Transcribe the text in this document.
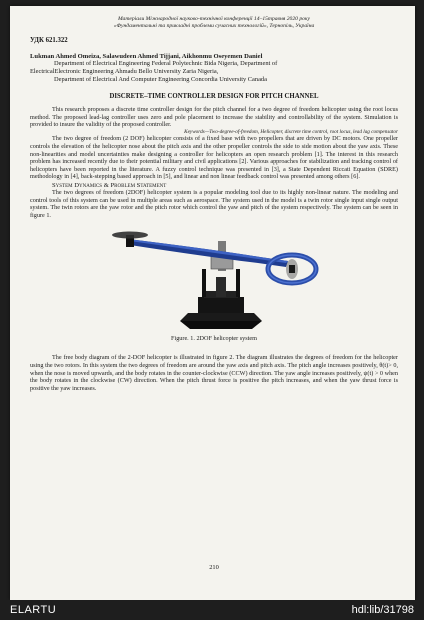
Матеріали Міжнародної науково-технічної конференції 14–15травня 2020 року
«Фундаментальні та прикладні проблеми сучасних технологій», Тернопіль, Україна
УДК 621.322
Lukman Ahmed Omeiza, Salawudeen Ahmed Tijjani, Aikhonmu Oseyemen Daniel
Department of Electrical Engineering Federal Polytechnic Bida Nigeria, Department of
ElectricalElectronic Engineering Ahmadu Bello University Zaria Nigeria,
Department of Electrical And Computer Engineering Concordia University Canada
DISCRETE–TIME CONTROLLER DESIGN FOR PITCH CHANNEL

This research proposes a discrete time controller design for the pitch channel for a two degree of freedom helicopter using the root locus method. The proposed lead-lag controller uses zero and pole placement to increase the stability and controllability of the system. Simulation is provided to insure the validity of the proposed controller.

Keywords—Two-degree-of-freedom, Helicopter, discrete time control, root locus, lead lag compensator

The two degree of freedom (2 DOF) helicopter consists of a fixed base with two propellers that are driven by DC motors. One propeller controls the elevation of the helicopter nose about the pitch axis and the other propeller controls the side to side motion about the yaw axis. These non-linearities and model uncertainties make designing a controller for helicopters an open research problem [1]. The interest in this research problem has increased recently due to their potential military and civil applications [2]. Various approaches for stabilization and tracking control of helicopters have been reported in the literature. A fuzzy control technique was presented in [3], a State Dependent Riccati Equation (SDRE) methodology in [4], back-stepping based approach in [5], and linear and non linear feedback control was presented among others [6].

System Dynamics & Problem Statement

The two degrees of freedom (2DOF) helicopter system is a popular modeling tool due to its highly non-linear nature. The modeling and control tools of this system can be used in multiple areas such as aerospace. The system used in the model is a twin rotor single input single output system. The twin rotors are the yaw rotor and the pitch rotor which control the yaw and pitch of the system respectively. The system can be seen in figure 1.

Figure. 1. 2DOF helicopter system

The free body diagram of the 2-DOF helicopter is illustrated in figure 2. The diagram illustrates the degrees of freedom for the helicopter using the two rotors. In this system the two degrees of freedom are around the yaw axis and pitch axis. The pitch angle increases positively, θ(t)> 0, when the nose is moved upwards, and the body rotates in the counter-clockwise (CCW) direction. The yaw angle increases positively, ψ(t) > 0 when the body rotates in the clockwise (CW) direction. When the pitch thrust force is positive the pitch increases, and when the yaw thrust force is positive the yaw increases.

210
ELARTU	hdl:lib/31798
